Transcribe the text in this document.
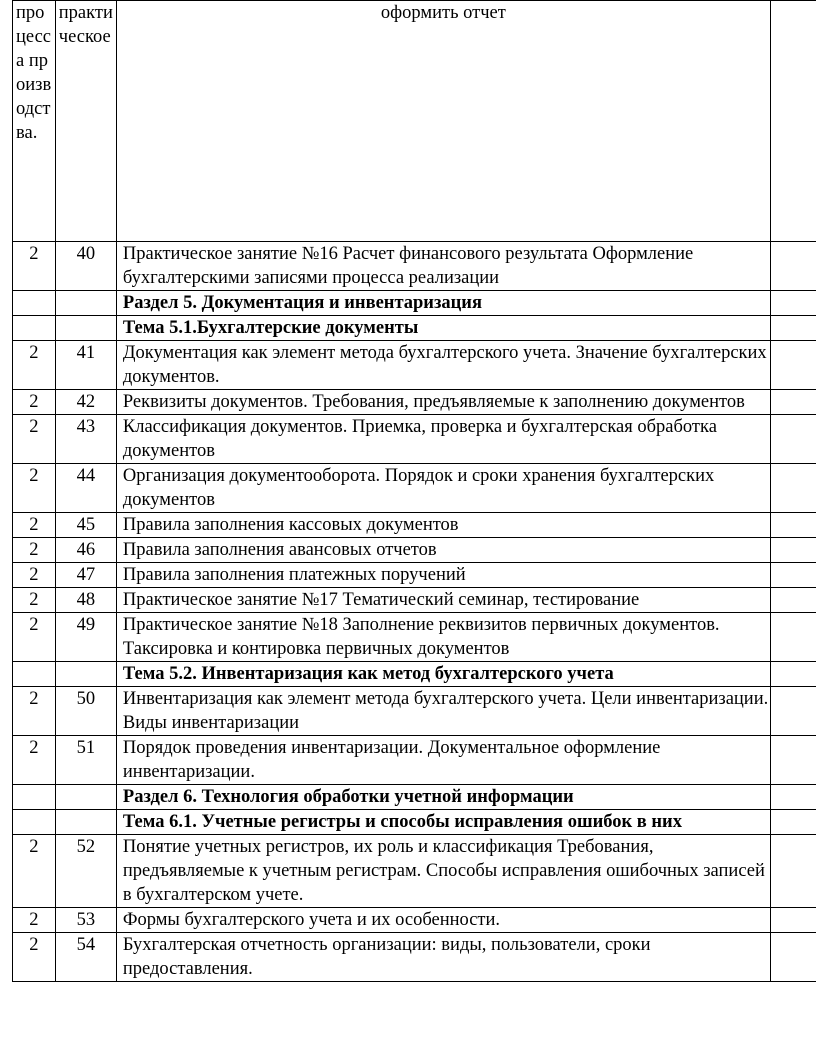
процесса производства.	практическое	оформить отчет	
2	40	Практическое занятие №16 Расчет финансового результата Оформление бухгалтерскими записями процесса реализации	
		Раздел 5. Документация и инвентаризация	
		Тема 5.1.Бухгалтерские документы	
2	41	Документация как элемент метода бухгалтерского учета. Значение бухгалтерских документов.	
2	42	Реквизиты документов. Требования, предъявляемые к заполнению документов	
2	43	Классификация документов. Приемка, проверка и бухгалтерская обработка документов	
2	44	Организация документооборота. Порядок и сроки хранения бухгалтерских документов	
2	45	Правила заполнения кассовых документов	
2	46	Правила заполнения авансовых отчетов	
2	47	Правила заполнения платежных поручений	
2	48	Практическое занятие №17 Тематический семинар, тестирование	
2	49	Практическое занятие №18 Заполнение реквизитов первичных документов. Таксировка и контировка первичных документов	
		Тема 5.2. Инвентаризация как метод бухгалтерского учета	
2	50	Инвентаризация как элемент метода бухгалтерского учета. Цели инвентаризации. Виды инвентаризации	
2	51	Порядок проведения инвентаризации. Документальное оформление инвентаризации.	
		Раздел 6. Технология обработки учетной информации	
		Тема 6.1. Учетные регистры и способы исправления ошибок в них	
2	52	Понятие учетных регистров, их роль и классификация Требования, предъявляемые к учетным регистрам. Способы исправления ошибочных записей в бухгалтерском учете.	
2	53	Формы бухгалтерского учета и их особенности.	
2	54	Бухгалтерская отчетность организации: виды, пользователи, сроки предоставления.	
